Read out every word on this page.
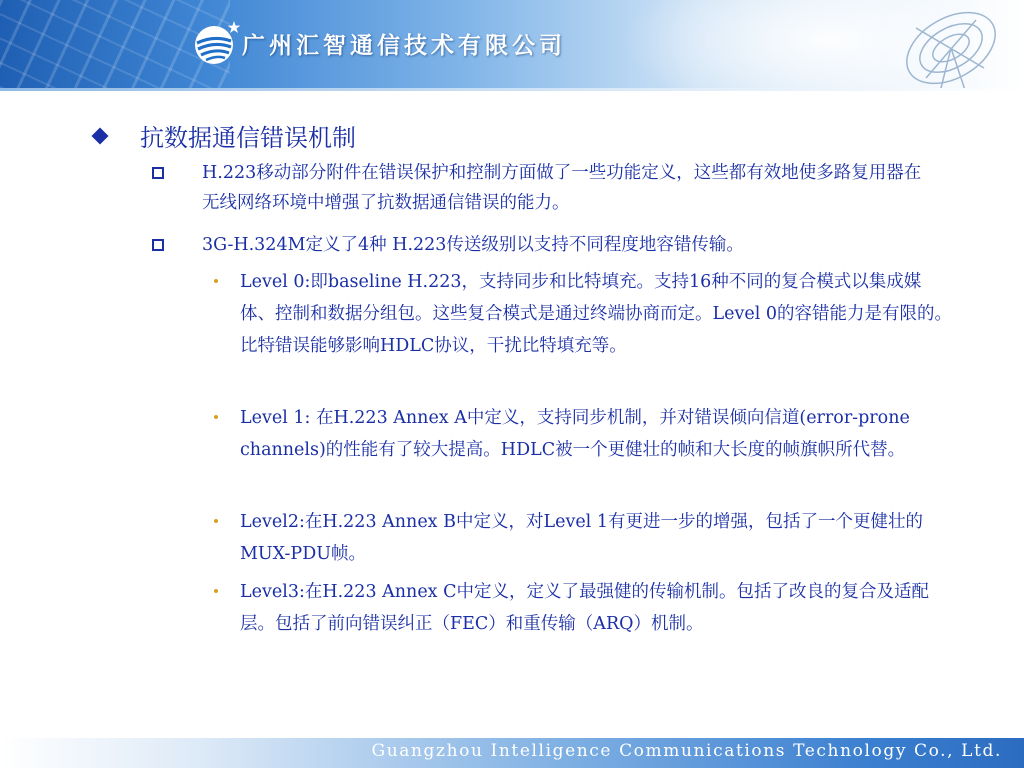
广州汇智通信技术有限公司
抗数据通信错误机制
H.223移动部分附件在错误保护和控制方面做了一些功能定义，这些都有效地使多路复用器在无线网络环境中增强了抗数据通信错误的能力。
3G-H.324M定义了4种 H.223传送级别以支持不同程度地容错传输。
Level 0:即baseline H.223，支持同步和比特填充。支持16种不同的复合模式以集成媒体、控制和数据分组包。这些复合模式是通过终端协商而定。Level 0的容错能力是有限的。比特错误能够影响HDLC协议，干扰比特填充等。
Level 1: 在H.223 Annex A中定义，支持同步机制，并对错误倾向信道(error-prone channels)的性能有了较大提高。HDLC被一个更健壮的帧和大长度的帧旗帜所代替。
Level2:在H.223 Annex B中定义，对Level 1有更进一步的增强，包括了一个更健壮的MUX-PDU帧。
Level3:在H.223 Annex C中定义，定义了最强健的传输机制。包括了改良的复合及适配层。包括了前向错误纠正（FEC）和重传输（ARQ）机制。
Guangzhou Intelligence Communications Technology Co., Ltd.
